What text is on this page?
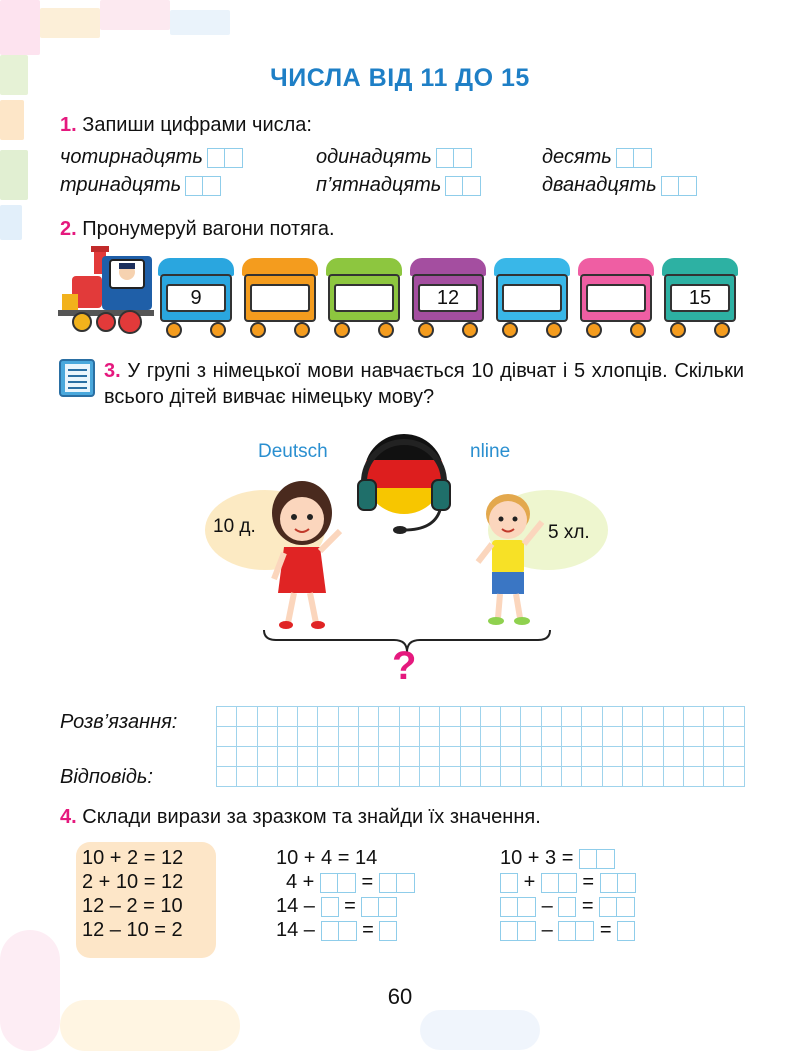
ЧИСЛА ВІД 11 ДО 15
1. Запиши цифрами числа:
чотирнадцять	одинадцять	десять
тринадцять	п’ятнадцять	дванадцять
2. Пронумеруй вагони потяга.
9	12	15
3. У групі з німецької мови навчається 10 дівчат і 5 хлопців. Скільки всього дітей вивчає німецьку мову?
Deutsch	nline
10 д.	5 хл.
?
Розв’язання:

Відповідь:

4. Склади вирази за зразком та знайди їх значення.
10 + 2 = 12
2 + 10 = 12
12 – 2 = 10
12 – 10 = 2
10 + 4 = 14
4 + =
14 – =
14 – =
10 + 3 =
+ =
– =
– =
60
